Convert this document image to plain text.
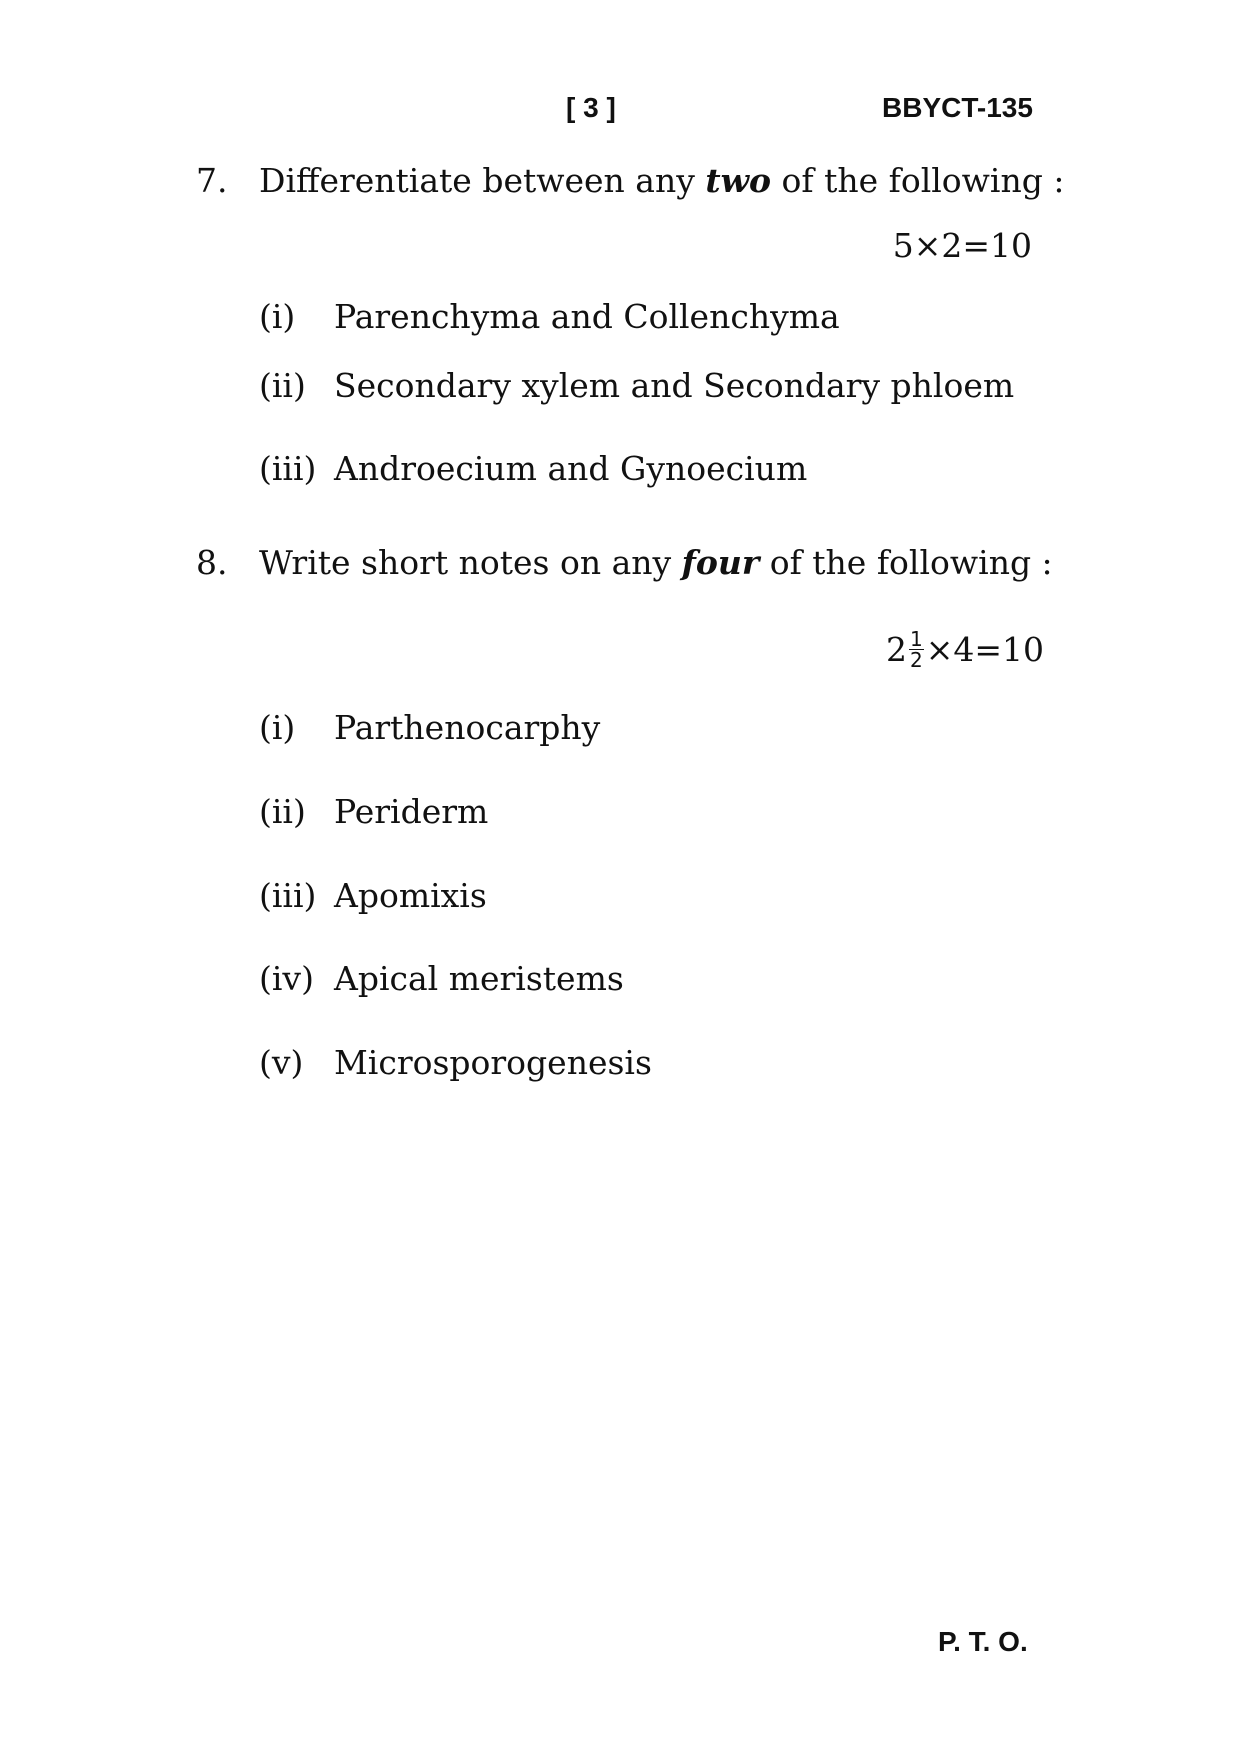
[ 3 ]	BBYCT-135
7. Differentiate between any two of the following :
5×2=10
(i) Parenchyma and Collenchyma
(ii) Secondary xylem and Secondary phloem
(iii) Androecium and Gynoecium
8. Write short notes on any four of the following :
$2 \frac{1}{2} \times 4=10$
(i) Parthenocarphy
(ii) Periderm
(iii) Apomixis
(iv) Apical meristems
(v) Microsporogenesis
P. T. O.
